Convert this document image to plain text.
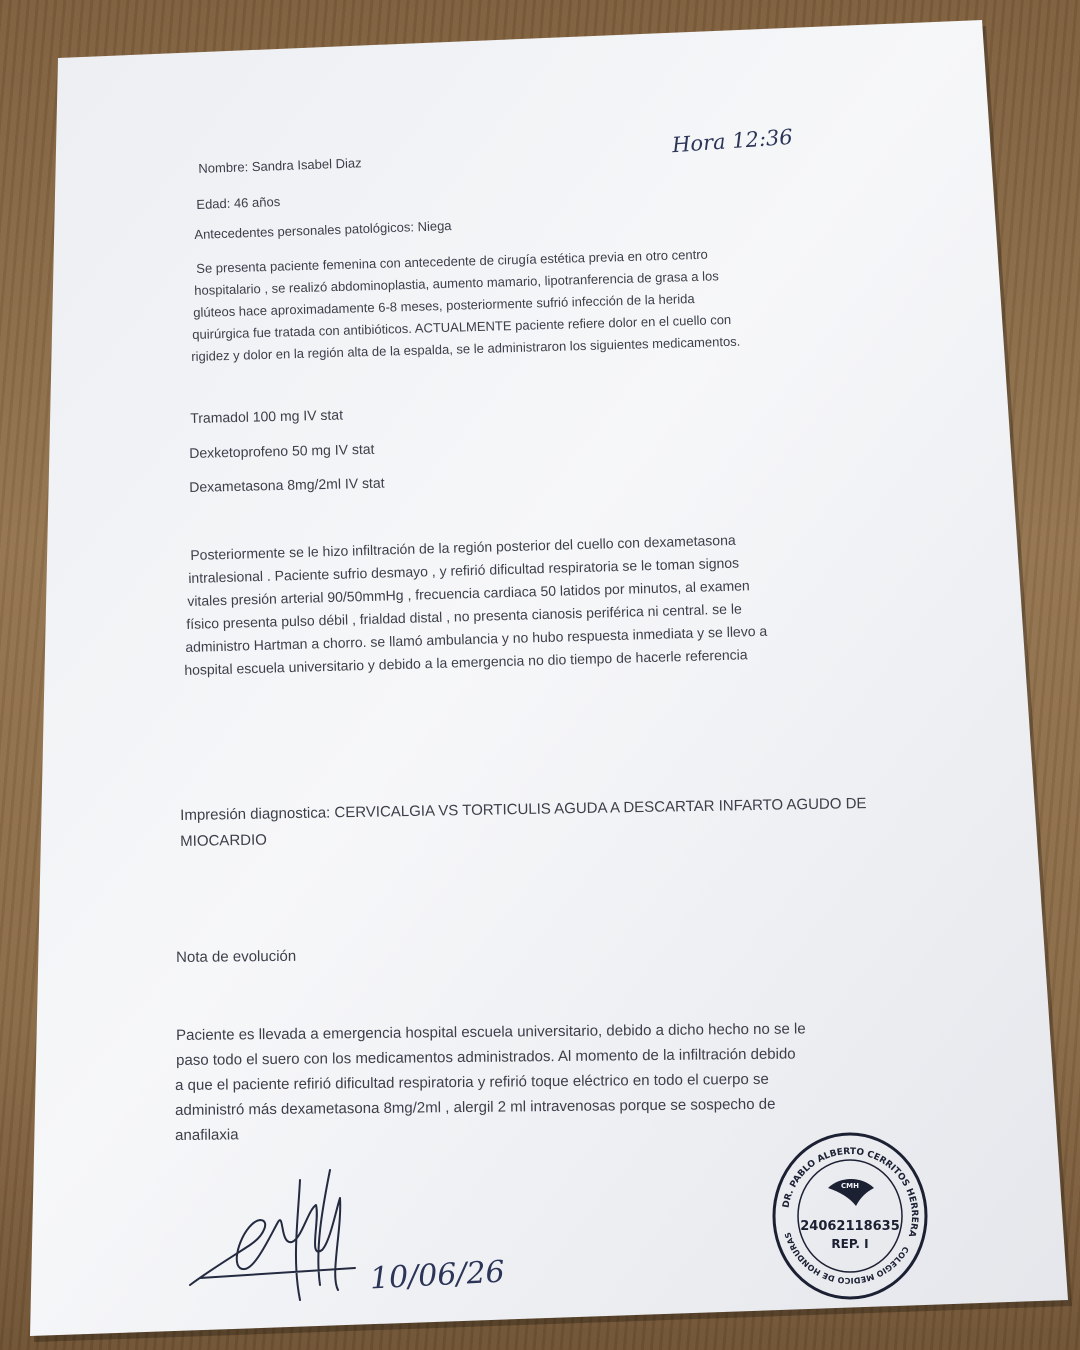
Hora 12:36
Nombre: Sandra Isabel Diaz
Edad: 46 años
Antecedentes personales patológicos: Niega
Se presenta paciente femenina con antecedente de cirugía estética previa en otro centro
hospitalario , se realizó abdominoplastia, aumento mamario, lipotranferencia de grasa a los
glúteos hace aproximadamente 6-8 meses, posteriormente sufrió infección de la herida
quirúrgica fue tratada con antibióticos. ACTUALMENTE paciente refiere dolor en el cuello con
rigidez y dolor en la región alta de la espalda, se le administraron los siguientes medicamentos.
Tramadol 100 mg IV stat
Dexketoprofeno 50 mg IV stat
Dexametasona 8mg/2ml IV stat
Posteriormente se le hizo infiltración de la región posterior del cuello con dexametasona
intralesional . Paciente sufrio desmayo , y refirió dificultad respiratoria se le toman signos
vitales presión arterial 90/50mmHg , frecuencia cardiaca 50 latidos por minutos, al examen
físico presenta pulso débil , frialdad distal , no presenta cianosis periférica ni central. se le
administro Hartman a chorro. se llamó ambulancia y no hubo respuesta inmediata y se llevo a
hospital escuela universitario y debido a la emergencia no dio tiempo de hacerle referencia
Impresión diagnostica: CERVICALGIA VS TORTICULIS AGUDA A DESCARTAR INFARTO AGUDO DE
MIOCARDIO
Nota de evolución
Paciente es llevada a emergencia hospital escuela universitario, debido a dicho hecho no se le
paso todo el suero con los medicamentos administrados. Al momento de la infiltración debido
a que el paciente refirió dificultad respiratoria y refirió toque eléctrico en todo el cuerpo se
administró más dexametasona 8mg/2ml , alergil 2 ml intravenosas porque se sospecho de
anafilaxia
10/06/26
DR. PABLO ALBERTO CERRITOS HERRERA
COLEGIO MEDICO DE HONDURAS
CMH
24062118635
REP. I
